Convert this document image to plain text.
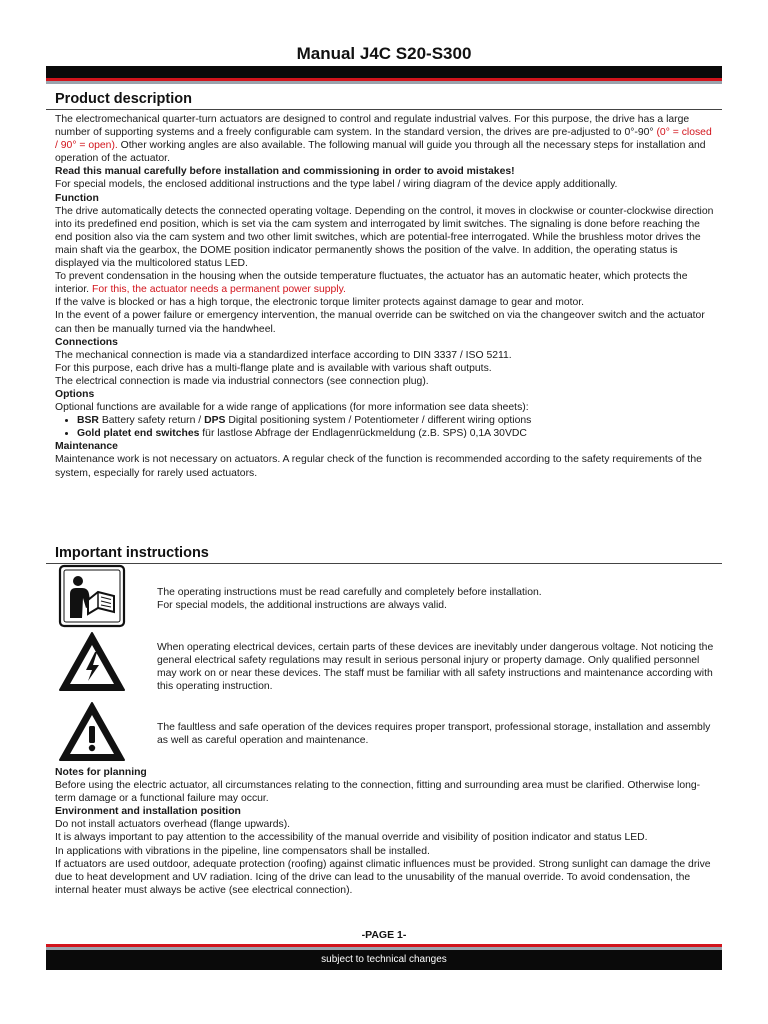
Manual J4C S20-S300
Product description

The electromechanical quarter-turn actuators are designed to control and regulate industrial valves. For this purpose, the drive has a large number of supporting systems and a freely configurable cam system. In the standard version, the drives are pre-adjusted to 0°-90° (0° = closed / 90° = open). Other working angles are also available. The following manual will guide you through all the necessary steps for installation and operation of the actuator.

Read this manual carefully before installation and commissioning in order to avoid mistakes!

For special models, the enclosed additional instructions and the type label / wiring diagram of the device apply additionally.

Function

The drive automatically detects the connected operating voltage. Depending on the control, it moves in clockwise or counter-clockwise direction into its predefined end position, which is set via the cam system and interrogated by limit switches. The signaling is done before reaching the end position also via the cam system and two other limit switches, which are potential-free interrogated. While the brushless motor drives the main shaft via the gearbox, the DOME position indicator permanently shows the position of the valve. In addition, the operating status is displayed via the multicolored status LED.

To prevent condensation in the housing when the outside temperature fluctuates, the actuator has an automatic heater, which protects the interior. For this, the actuator needs a permanent power supply.

If the valve is blocked or has a high torque, the electronic torque limiter protects against damage to gear and motor.

In the event of a power failure or emergency intervention, the manual override can be switched on via the changeover switch and the actuator can then be manually turned via the handwheel.

Connections

The mechanical connection is made via a standardized interface according to DIN 3337 / ISO 5211.

For this purpose, each drive has a multi-flange plate and is available with various shaft outputs.

The electrical connection is made via industrial connectors (see connection plug).

Options

Optional functions are available for a wide range of applications (for more information see data sheets):

• BSR Battery safety return / DPS Digital positioning system / Potentiometer / different wiring options
• Gold platet end switches für lastlose Abfrage der Endlagenrückmeldung (z.B. SPS) 0,1A 30VDC

Maintenance

Maintenance work is not necessary on actuators. A regular check of the function is recommended according to the safety requirements of the system, especially for rarely used actuators.

Important instructions

The operating instructions must be read carefully and completely before installation.

For special models, the additional instructions are always valid.

When operating electrical devices, certain parts of these devices are inevitably under dangerous voltage. Not noticing the general electrical safety regulations may result in serious personal injury or property damage. Only qualified personnel may work on or near these devices. The staff must be familiar with all safety instructions and maintenance according with this operating instruction.

The faultless and safe operation of the devices requires proper transport, professional storage, installation and assembly as well as careful operation and maintenance.

Notes for planning

Before using the electric actuator, all circumstances relating to the connection, fitting and surrounding area must be clarified. Otherwise long-term damage or a functional failure may occur.

Environment and installation position

Do not install actuators overhead (flange upwards).

It is always important to pay attention to the accessibility of the manual override and visibility of position indicator and status LED.

In applications with vibrations in the pipeline, line compensators shall be installed.

If actuators are used outdoor, adequate protection (roofing) against climatic influences must be provided. Strong sunlight can damage the drive due to heat development and UV radiation. Icing of the drive can lead to the unusability of the manual override. To avoid condensation, the internal heater must always be active (see electrical connection).

-PAGE 1-
subject to technical changes
